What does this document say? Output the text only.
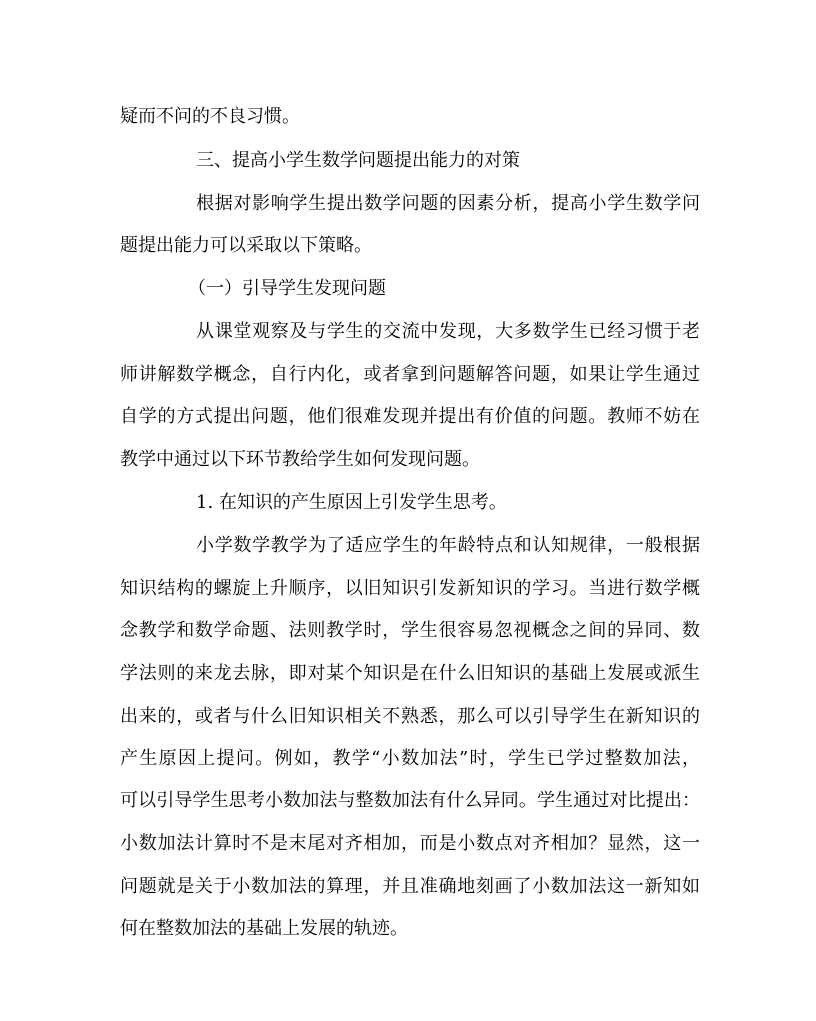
疑而不问的不良习惯。
三、提高小学生数学问题提出能力的对策
根据对影响学生提出数学问题的因素分析，提高小学生数学问
题提出能力可以采取以下策略。
（一）引导学生发现问题
从课堂观察及与学生的交流中发现，大多数学生已经习惯于老
师讲解数学概念，自行内化，或者拿到问题解答问题，如果让学生通过
自学的方式提出问题，他们很难发现并提出有价值的问题。教师不妨在
教学中通过以下环节教给学生如何发现问题。
1. 在知识的产生原因上引发学生思考。
小学数学教学为了适应学生的年龄特点和认知规律，一般根据
知识结构的螺旋上升顺序，以旧知识引发新知识的学习。当进行数学概
念教学和数学命题、法则教学时，学生很容易忽视概念之间的异同、数
学法则的来龙去脉，即对某个知识是在什么旧知识的基础上发展或派生
出来的，或者与什么旧知识相关不熟悉，那么可以引导学生在新知识的
产生原因上提问。例如，教学“小数加法”时，学生已学过整数加法，
可以引导学生思考小数加法与整数加法有什么异同。学生通过对比提出：
小数加法计算时不是末尾对齐相加，而是小数点对齐相加？显然，这一
问题就是关于小数加法的算理，并且准确地刻画了小数加法这一新知如
何在整数加法的基础上发展的轨迹。
